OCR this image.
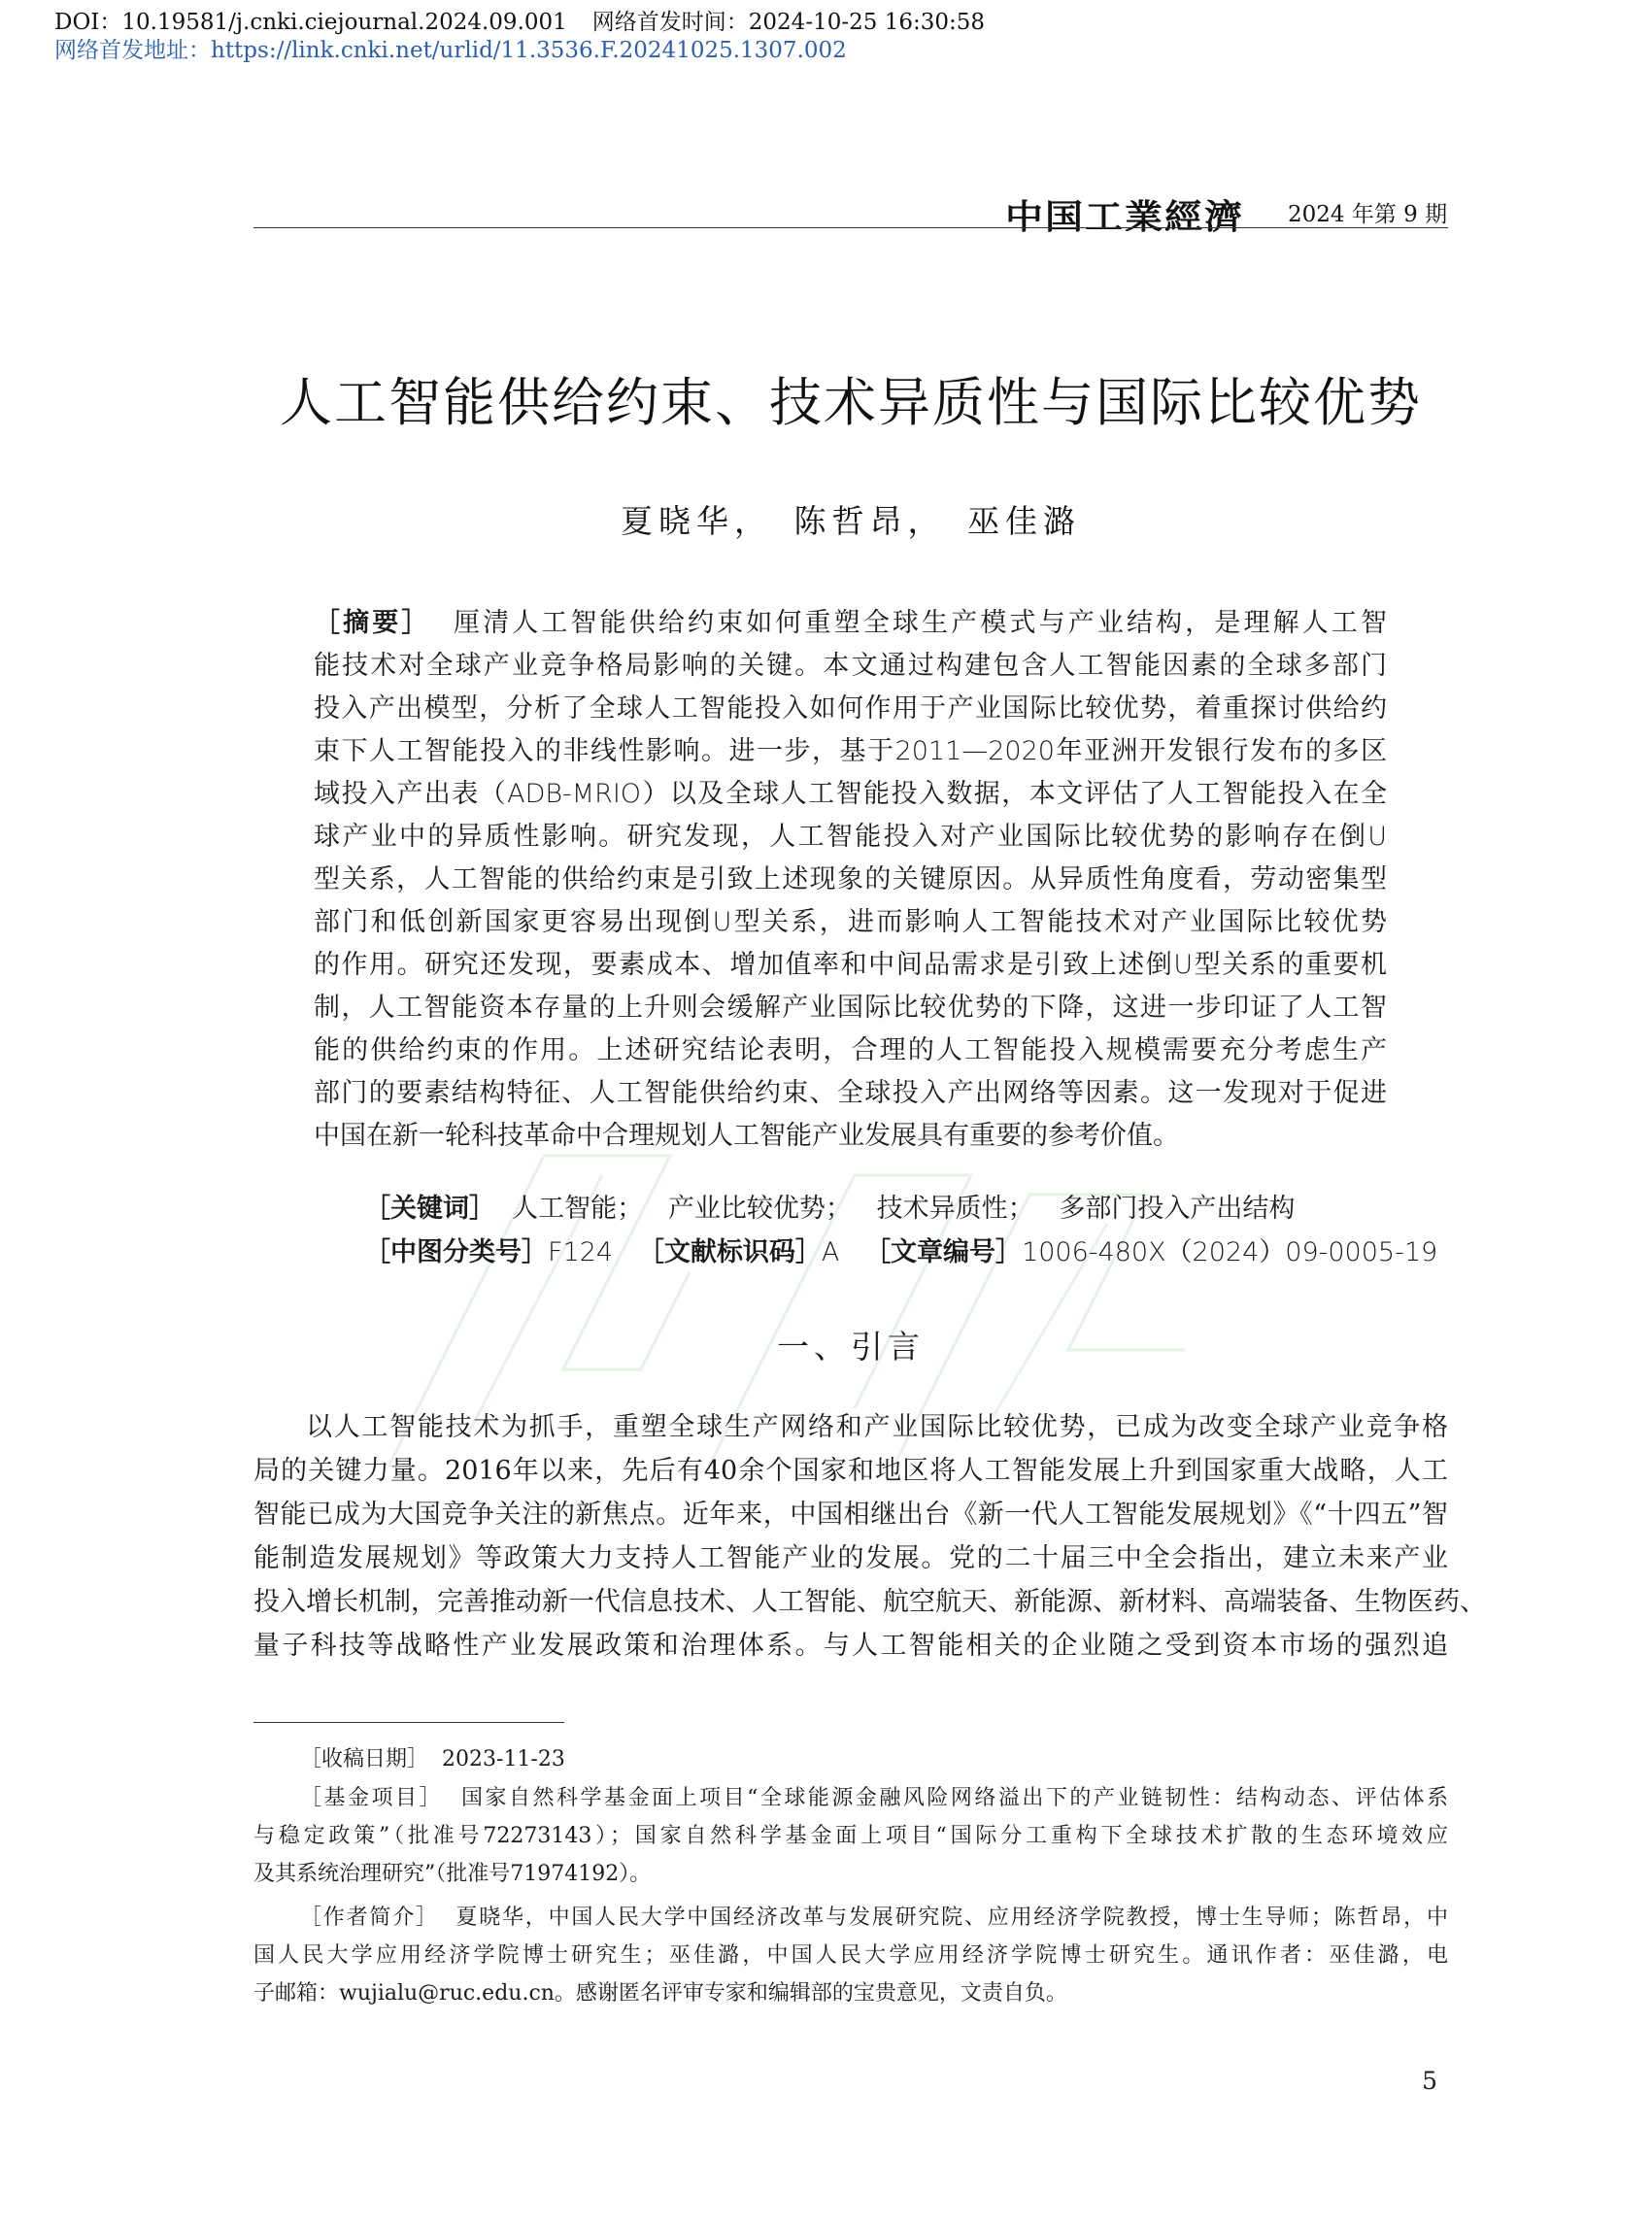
DOI：10.19581/j.cnki.ciejournal.2024.09.001 网络首发时间：2024-10-25 16:30:58
网络首发地址：https://link.cnki.net/urlid/11.3536.F.20241025.1307.002
中国工業經濟 2024 年第 9 期
人工智能供给约束、技术异质性与国际比较优势
夏晓华，　陈哲昂，　巫佳潞
［摘要］ 厘清人工智能供给约束如何重塑全球生产模式与产业结构，是理解人工智
能技术对全球产业竞争格局影响的关键。本文通过构建包含人工智能因素的全球多部门
投入产出模型，分析了全球人工智能投入如何作用于产业国际比较优势，着重探讨供给约
束下人工智能投入的非线性影响。进一步，基于2011—2020年亚洲开发银行发布的多区
域投入产出表（ADB-MRIO）以及全球人工智能投入数据，本文评估了人工智能投入在全
球产业中的异质性影响。研究发现，人工智能投入对产业国际比较优势的影响存在倒U
型关系，人工智能的供给约束是引致上述现象的关键原因。从异质性角度看，劳动密集型
部门和低创新国家更容易出现倒U型关系，进而影响人工智能技术对产业国际比较优势
的作用。研究还发现，要素成本、增加值率和中间品需求是引致上述倒U型关系的重要机
制，人工智能资本存量的上升则会缓解产业国际比较优势的下降，这进一步印证了人工智
能的供给约束的作用。上述研究结论表明，合理的人工智能投入规模需要充分考虑生产
部门的要素结构特征、人工智能供给约束、全球投入产出网络等因素。这一发现对于促进
中国在新一轮科技革命中合理规划人工智能产业发展具有重要的参考价值。
［关键词］ 人工智能； 产业比较优势； 技术异质性； 多部门投入产出结构
［中图分类号］F124 ［文献标识码］A ［文章编号］1006-480X（2024）09-0005-19
一、引言
以人工智能技术为抓手，重塑全球生产网络和产业国际比较优势，已成为改变全球产业竞争格
局的关键力量。2016年以来，先后有40余个国家和地区将人工智能发展上升到国家重大战略，人工
智能已成为大国竞争关注的新焦点。近年来，中国相继出台《新一代人工智能发展规划》《“十四五”智
能制造发展规划》等政策大力支持人工智能产业的发展。党的二十届三中全会指出，建立未来产业
投入增长机制，完善推动新一代信息技术、人工智能、航空航天、新能源、新材料、高端装备、生物医药、
量子科技等战略性产业发展政策和治理体系。与人工智能相关的企业随之受到资本市场的强烈追
［收稿日期］ 2023-11-23
［基金项目］ 国家自然科学基金面上项目“全球能源金融风险网络溢出下的产业链韧性：结构动态、评估体系
与稳定政策”（批准号72273143）；国家自然科学基金面上项目“国际分工重构下全球技术扩散的生态环境效应
及其系统治理研究”（批准号71974192）。
［作者简介］ 夏晓华，中国人民大学中国经济改革与发展研究院、应用经济学院教授，博士生导师；陈哲昂，中
国人民大学应用经济学院博士研究生；巫佳潞，中国人民大学应用经济学院博士研究生。通讯作者：巫佳潞，电
子邮箱：wujialu@ruc.edu.cn。感谢匿名评审专家和编辑部的宝贵意见，文责自负。
5
